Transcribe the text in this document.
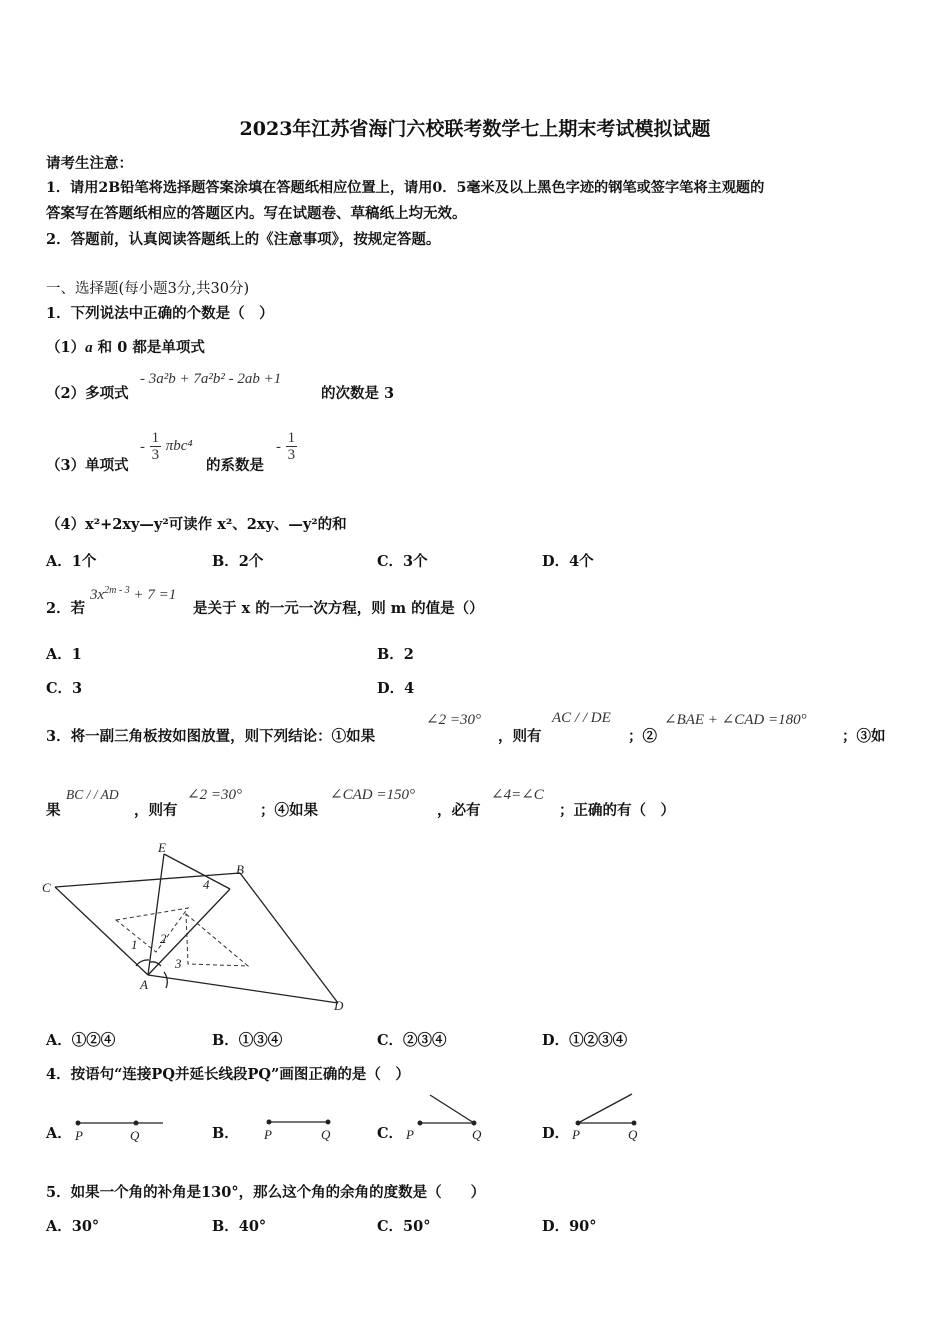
2023年江苏省海门六校联考数学七上期末考试模拟试题
请考生注意：
1．请用2B铅笔将选择题答案涂填在答题纸相应位置上，请用0．5毫米及以上黑色字迹的钢笔或签字笔将主观题的
答案写在答题纸相应的答题区内。写在试题卷、草稿纸上均无效。
2．答题前，认真阅读答题纸上的《注意事项》，按规定答题。
一、选择题(每小题3分,共30分)
1．下列说法中正确的个数是（　）
（1）a 和 0 都是单项式
（2）多项式
- 3a²b + 7a²b² - 2ab +1
的次数是 3
（3）单项式
-
$\frac{1}{3} \pi bc^4$
的系数是
-
$\frac{1}{3}$
（4）x²+2xy—y²可读作 x²、2xy、—y²的和
A．1个	B．2个	C．3个	D．4个
2．若
$3x^{2m - 3} + 7 =1$
是关于 x 的一元一次方程，则 m 的值是（）
A．1	B．2
C．3	D．4
3．将一副三角板按如图放置，则下列结论：①如果
∠2 =30°
，则有
AC / / DE
；②
∠BAE + ∠CAD =180°
；③如
果
BC / / AD
，则有
∠2 =30°
；④如果
∠CAD =150°
，必有
∠4=∠C
；正确的有（　）
E
B
C
A
D
1 2
3
4
A．①②④	B．①③④	C．②③④	D．①②③④
4．按语句“连接PQ并延长线段PQ”画图正确的是（　）
A． P	Q	B． P	Q	C． P	Q	D． P	Q
5．如果一个角的补角是130°，那么这个角的余角的度数是（　　）
A．30°	B．40°	C．50°	D．90°
